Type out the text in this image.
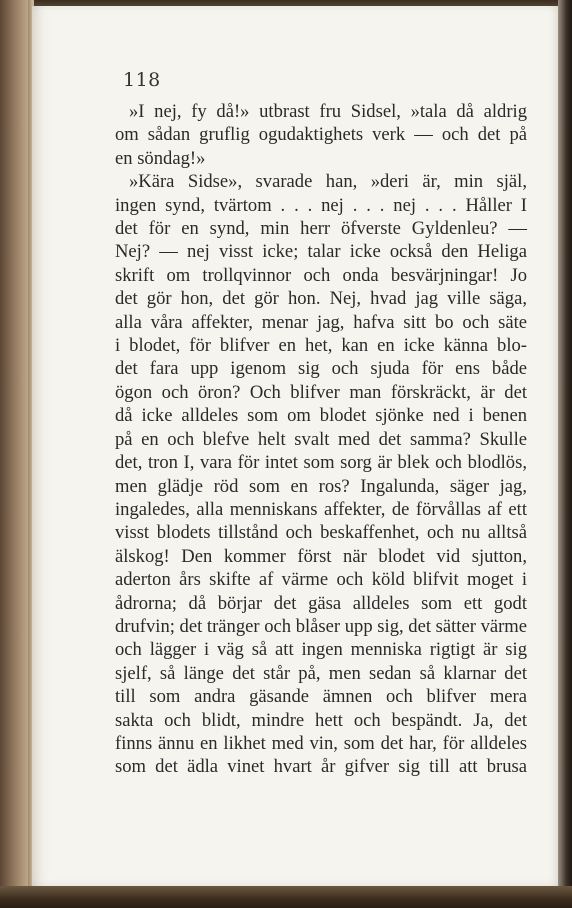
118
»I nej, fy då!» utbrast fru Sidsel, »tala då aldrig
om sådan gruflig ogudaktighets verk — och det på
en söndag!»
»Kära Sidse», svarade han, »deri är, min själ,
ingen synd, tvärtom . . . nej . . . nej . . . Håller I
det för en synd, min herr öfverste Gyldenleu? —
Nej? — nej visst icke; talar icke också den Heliga
skrift om trollqvinnor och onda besvärjningar! Jo
det gör hon, det gör hon. Nej, hvad jag ville säga,
alla våra affekter, menar jag, hafva sitt bo och säte
i blodet, för blifver en het, kan en icke känna blo-
det fara upp igenom sig och sjuda för ens både
ögon och öron? Och blifver man förskräckt, är det
då icke alldeles som om blodet sjönke ned i benen
på en och blefve helt svalt med det samma? Skulle
det, tron I, vara för intet som sorg är blek och blodlös,
men glädje röd som en ros? Ingalunda, säger jag,
ingaledes, alla menniskans affekter, de förvållas af ett
visst blodets tillstånd och beskaffenhet, och nu alltså
älskog! Den kommer först när blodet vid sjutton,
aderton års skifte af värme och köld blifvit moget i
ådrorna; då börjar det gäsa alldeles som ett godt
drufvin; det tränger och blåser upp sig, det sätter värme
och lägger i väg så att ingen menniska rigtigt är sig
sjelf, så länge det står på, men sedan så klarnar det
till som andra gäsande ämnen och blifver mera
sakta och blidt, mindre hett och bespändt. Ja, det
finns ännu en likhet med vin, som det har, för alldeles
som det ädla vinet hvart år gifver sig till att brusa
